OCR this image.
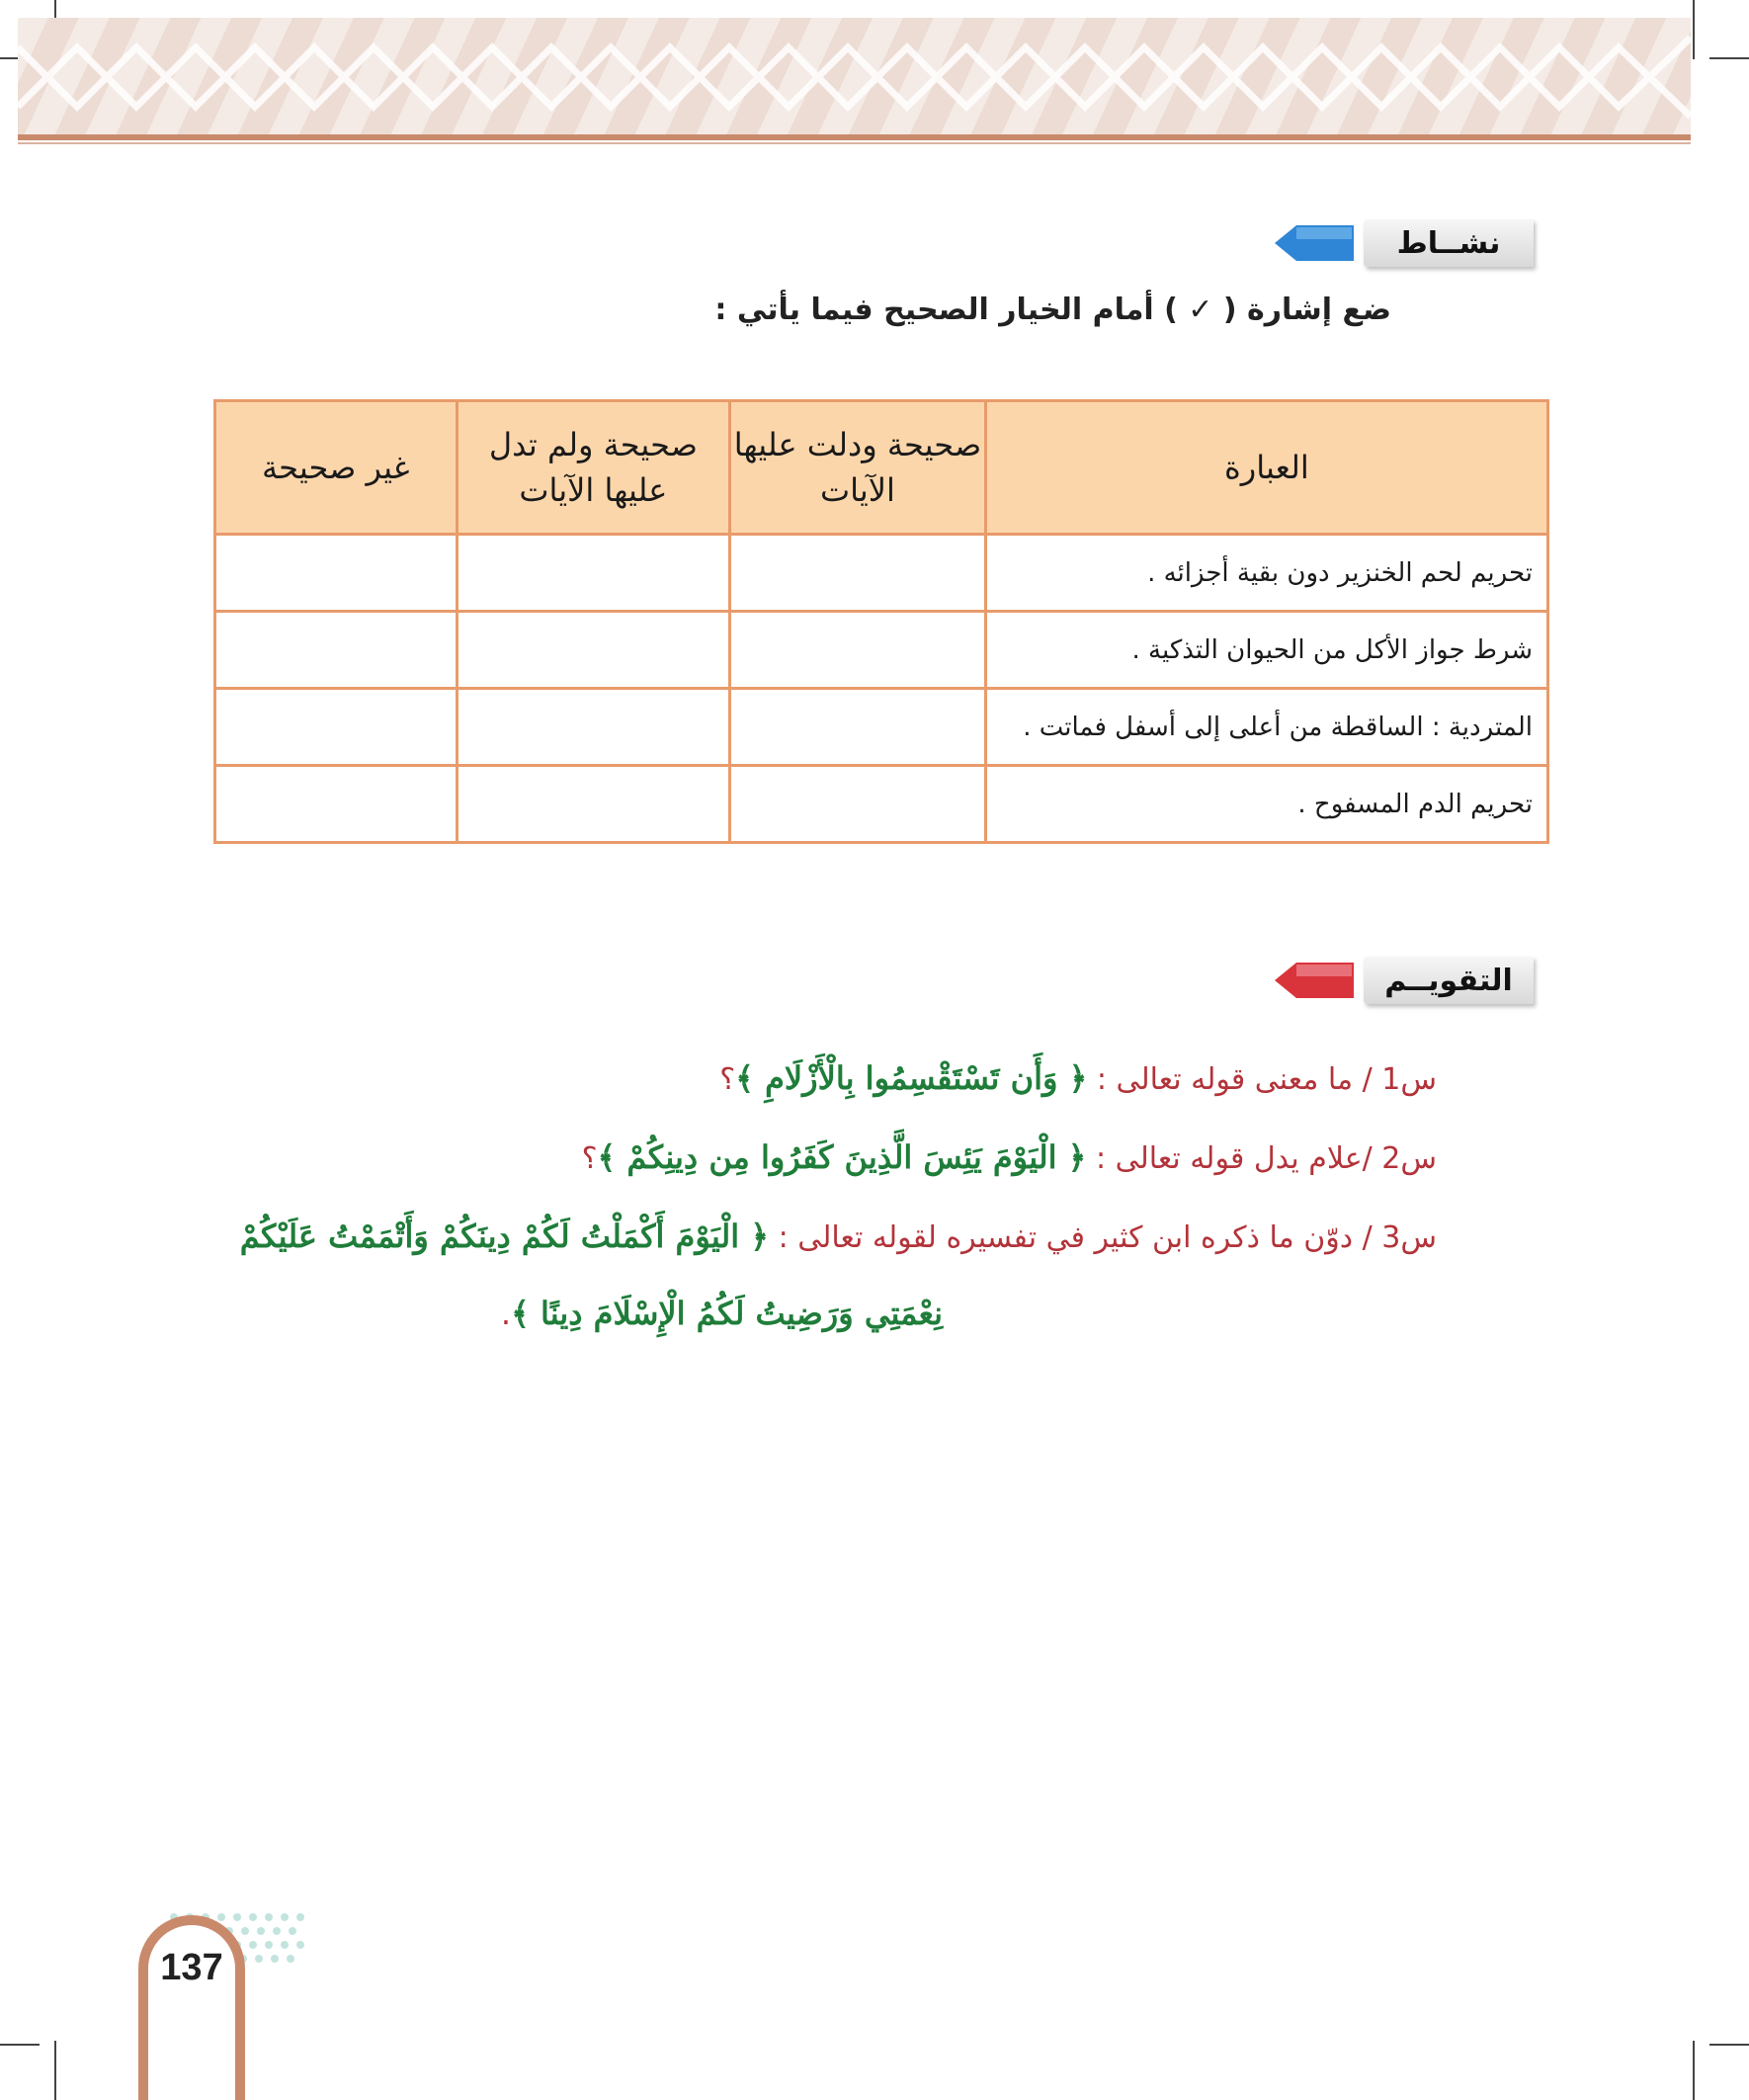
نشــاط
ضع إشارة ( ✓ ) أمام الخيار الصحيح فيما يأتي :
العبارة	صحيحة ودلت عليها الآيات	صحيحة ولم تدل عليها الآيات	غير صحيحة
تحريم لحم الخنزير دون بقية أجزائه .			
شرط جواز الأكل من الحيوان التذكية .			
المتردية : الساقطة من أعلى إلى أسفل فماتت .			
تحريم الدم المسفوح .			
التقويــم
س1 / ما معنى قوله تعالى : ﴿ وَأَن تَسْتَقْسِمُوا بِالْأَزْلَامِ ﴾؟
س2 /علام يدل قوله تعالى : ﴿ الْيَوْمَ يَئِسَ الَّذِينَ كَفَرُوا مِن دِينِكُمْ ﴾؟
س3 / دوّن ما ذكره ابن كثير في تفسيره لقوله تعالى : ﴿ الْيَوْمَ أَكْمَلْتُ لَكُمْ دِينَكُمْ وَأَتْمَمْتُ عَلَيْكُمْ
نِعْمَتِي وَرَضِيتُ لَكُمُ الْإِسْلَامَ دِينًا ﴾.
137
